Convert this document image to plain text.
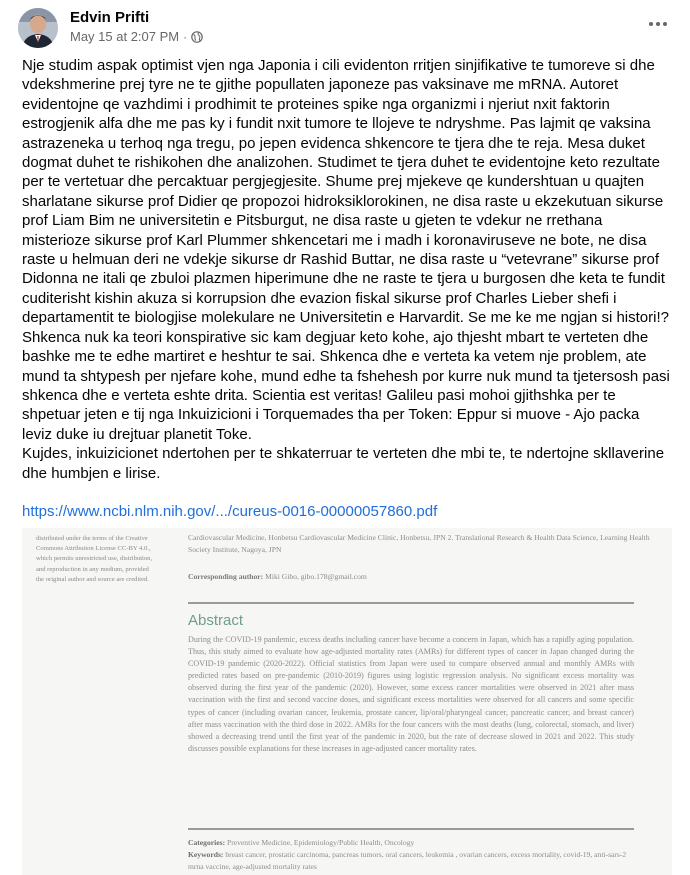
Edvin Prifti
May 15 at 2:07 PM ·

Nje studim aspak optimist vjen nga Japonia i cili evidenton rritjen sinjifikative te tumoreve si dhe vdekshmerine prej tyre ne te gjithe popullaten japoneze pas vaksinave me mRNA. Autoret evidentojne qe vazhdimi i prodhimit te proteines spike nga organizmi i njeriut nxit faktorin estrogjenik alfa dhe me pas ky i fundit nxit tumore te llojeve te ndryshme. Pas lajmit qe vaksina astrazeneka u terhoq nga tregu, po jepen evidenca shkencore te tjera dhe te reja. Mesa duket dogmat duhet te rishikohen dhe analizohen. Studimet te tjera duhet te evidentojne keto rezultate per te vertetuar dhe percaktuar pergjegjesite. Shume prej mjekeve qe kundershtuan u quajten sharlatane sikurse prof Didier qe propozoi hidroksiklorokinen, ne disa raste u ekzekutuan sikurse prof Liam Bim ne universitetin e Pitsburgut, ne disa raste u gjeten te vdekur ne rrethana misterioze sikurse prof Karl Plummer shkencetari me i madh i koronaviruseve ne bote, ne disa raste u helmuan deri ne vdekje sikurse dr Rashid Buttar, ne disa raste u “vetevrane” sikurse prof Didonna ne itali qe zbuloi plazmen hiperimune dhe ne raste te tjera u burgosen dhe keta te fundit cuditerisht kishin akuza si korrupsion dhe evazion fiskal sikurse prof Charles Lieber shefi i departamentit te biologjise molekulare ne Universitetin e Harvardit. Se me ke me ngjan si histori!? Shkenca nuk ka teori konspirative sic kam degjuar keto kohe, ajo thjesht mbart te verteten dhe bashke me te edhe martiret e heshtur te sai. Shkenca dhe e verteta ka vetem nje problem, ate mund ta shtypesh per njefare kohe, mund edhe ta fshehesh por kurre nuk mund ta tjetersosh pasi shkenca dhe e verteta eshte drita. Scientia est veritas! Galileu pasi mohoi gjithshka per te shpetuar jeten e tij nga Inkuizicioni i Torquemades tha per Token: Eppur si muove - Ajo packa leviz duke iu drejtuar planetit Toke.

Kujdes, inkuizicionet ndertohen per te shkaterruar te verteten dhe mbi te, te ndertojne skllaverine dhe humbjen e lirise.

https://www.ncbi.nlm.nih.gov/.../cureus-0016-00000057860.pdf
distributed under the terms of the Creative Commons Attribution License CC-BY 4.0., which permits unrestricted use, distribution, and reproduction in any medium, provided the original author and source are credited.
Cardiovascular Medicine, Honbetsu Cardiovascular Medicine Clinic, Honbetsu, JPN 2. Translational Research & Health Data Science, Learning Health Society Institute, Nagoya, JPN
Corresponding author: Miki Gibo, gibo.178@gmail.com
Abstract
During the COVID-19 pandemic, excess deaths including cancer have become a concern in Japan, which has a rapidly aging population. Thus, this study aimed to evaluate how age-adjusted mortality rates (AMRs) for different types of cancer in Japan changed during the COVID-19 pandemic (2020-2022). Official statistics from Japan were used to compare observed annual and monthly AMRs with predicted rates based on pre-pandemic (2010-2019) figures using logistic regression analysis. No significant excess mortality was observed during the first year of the pandemic (2020). However, some excess cancer mortalities were observed in 2021 after mass vaccination with the first and second vaccine doses, and significant excess mortalities were observed for all cancers and some specific types of cancer (including ovarian cancer, leukemia, prostate cancer, lip/oral/pharyngeal cancer, pancreatic cancer, and breast cancer) after mass vaccination with the third dose in 2022. AMRs for the four cancers with the most deaths (lung, colorectal, stomach, and liver) showed a decreasing trend until the first year of the pandemic in 2020, but the rate of decrease slowed in 2021 and 2022. This study discusses possible explanations for these increases in age-adjusted cancer mortality rates.
Categories: Preventive Medicine, Epidemiology/Public Health, Oncology
Keywords: breast cancer, prostatic carcinoma, pancreas tumors, oral cancers, leukemia , ovarian cancers, excess mortality, covid-19, anti-sars-2 mrna vaccine, age-adjusted mortality rates
